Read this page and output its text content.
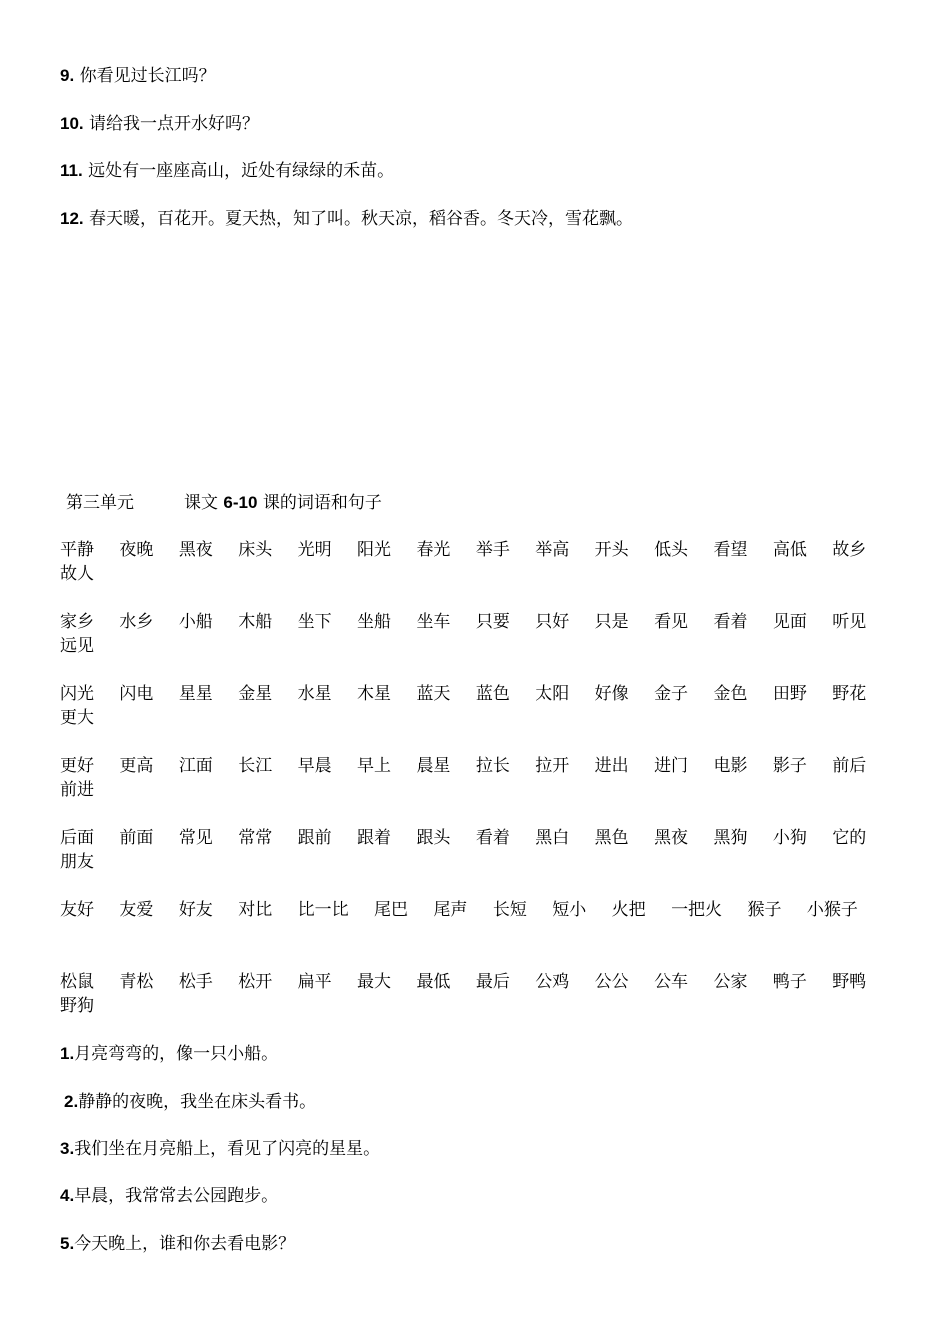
9. 你看见过长江吗？
10. 请给我一点开水好吗？
11. 远处有一座座高山，近处有绿绿的禾苗。
12. 春天暖，百花开。夏天热，知了叫。秋天凉，稻谷香。冬天冷，雪花飘。
第三单元	课文 6-10 课的词语和句子
平静 夜晚 黑夜 床头 光明 阳光 春光 举手 举高 开头 低头 看望 高低 故乡 故人
家乡 水乡 小船 木船 坐下 坐船 坐车 只要 只好 只是 看见 看着 见面 听见 远见
闪光 闪电 星星 金星 水星 木星 蓝天 蓝色 太阳 好像 金子 金色 田野 野花 更大
更好 更高 江面 长江 早晨 早上 晨星 拉长 拉开 进出 进门 电影 影子 前后 前进
后面 前面 常见 常常 跟前 跟着 跟头 看着 黑白 黑色 黑夜 黑狗 小狗 它的 朋友
友好 友爱 好友 对比 比一比 尾巴 尾声 长短 短小 火把 一把火 猴子 小猴子
松鼠 青松 松手 松开 扁平 最大 最低 最后 公鸡 公公 公车 公家 鸭子 野鸭 野狗
1.月亮弯弯的，像一只小船。
2.静静的夜晚，我坐在床头看书。
3.我们坐在月亮船上，看见了闪亮的星星。
4.早晨，我常常去公园跑步。
5.今天晚上，谁和你去看电影？
